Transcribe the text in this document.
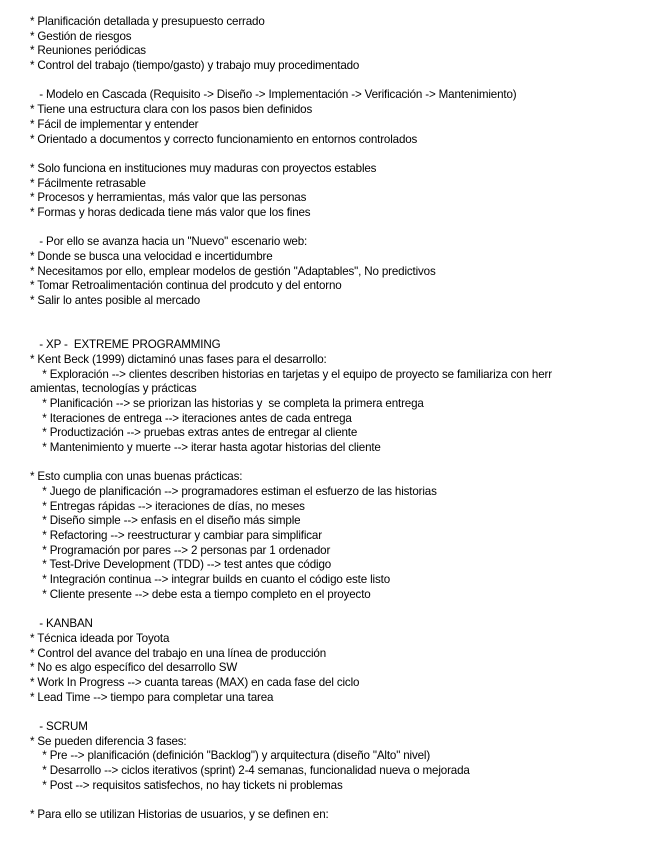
* Planificación detallada y presupuesto cerrado
* Gestión de riesgos
* Reuniones periódicas
* Control del trabajo (tiempo/gasto) y trabajo muy procedimentado

- Modelo en Cascada (Requisito -> Diseño -> Implementación -> Verificación -> Mantenimiento)
* Tiene una estructura clara con los pasos bien definidos
* Fácil de implementar y entender
* Orientado a documentos y correcto funcionamiento en entornos controlados

* Solo funciona en instituciones muy maduras con proyectos estables
* Fácilmente retrasable
* Procesos y herramientas, más valor que las personas
* Formas y horas dedicada tiene más valor que los fines

- Por ello se avanza hacia un "Nuevo" escenario web:
* Donde se busca una velocidad e incertidumbre
* Necesitamos por ello, emplear modelos de gestión "Adaptables", No predictivos
* Tomar Retroalimentación continua del prodcuto y del entorno
* Salir lo antes posible al mercado

- XP -  EXTREME PROGRAMMING
* Kent Beck (1999) dictaminó unas fases para el desarrollo:
* Exploración --> clientes describen historias en tarjetas y el equipo de proyecto se familiariza con herr
amientas, tecnologías y prácticas
* Planificación --> se priorizan las historias y  se completa la primera entrega
* Iteraciones de entrega --> iteraciones antes de cada entrega
* Productización --> pruebas extras antes de entregar al cliente
* Mantenimiento y muerte --> iterar hasta agotar historias del cliente

* Esto cumplia con unas buenas prácticas:
* Juego de planificación --> programadores estiman el esfuerzo de las historias
* Entregas rápidas --> iteraciones de días, no meses
* Diseño simple --> enfasis en el diseño más simple
* Refactoring --> reestructurar y cambiar para simplificar
* Programación por pares --> 2 personas par 1 ordenador
* Test-Drive Development (TDD) --> test antes que código
* Integración continua --> integrar builds en cuanto el código este listo
* Cliente presente --> debe esta a tiempo completo en el proyecto

- KANBAN
* Técnica ideada por Toyota
* Control del avance del trabajo en una línea de producción
* No es algo específico del desarrollo SW
* Work In Progress --> cuanta tareas (MAX) en cada fase del ciclo
* Lead Time --> tiempo para completar una tarea

- SCRUM
* Se pueden diferencia 3 fases:
* Pre --> planificación (definición "Backlog") y arquitectura (diseño "Alto" nivel)
* Desarrollo --> ciclos iterativos (sprint) 2-4 semanas, funcionalidad nueva o mejorada
* Post --> requisitos satisfechos, no hay tickets ni problemas

* Para ello se utilizan Historias de usuarios, y se definen en:
